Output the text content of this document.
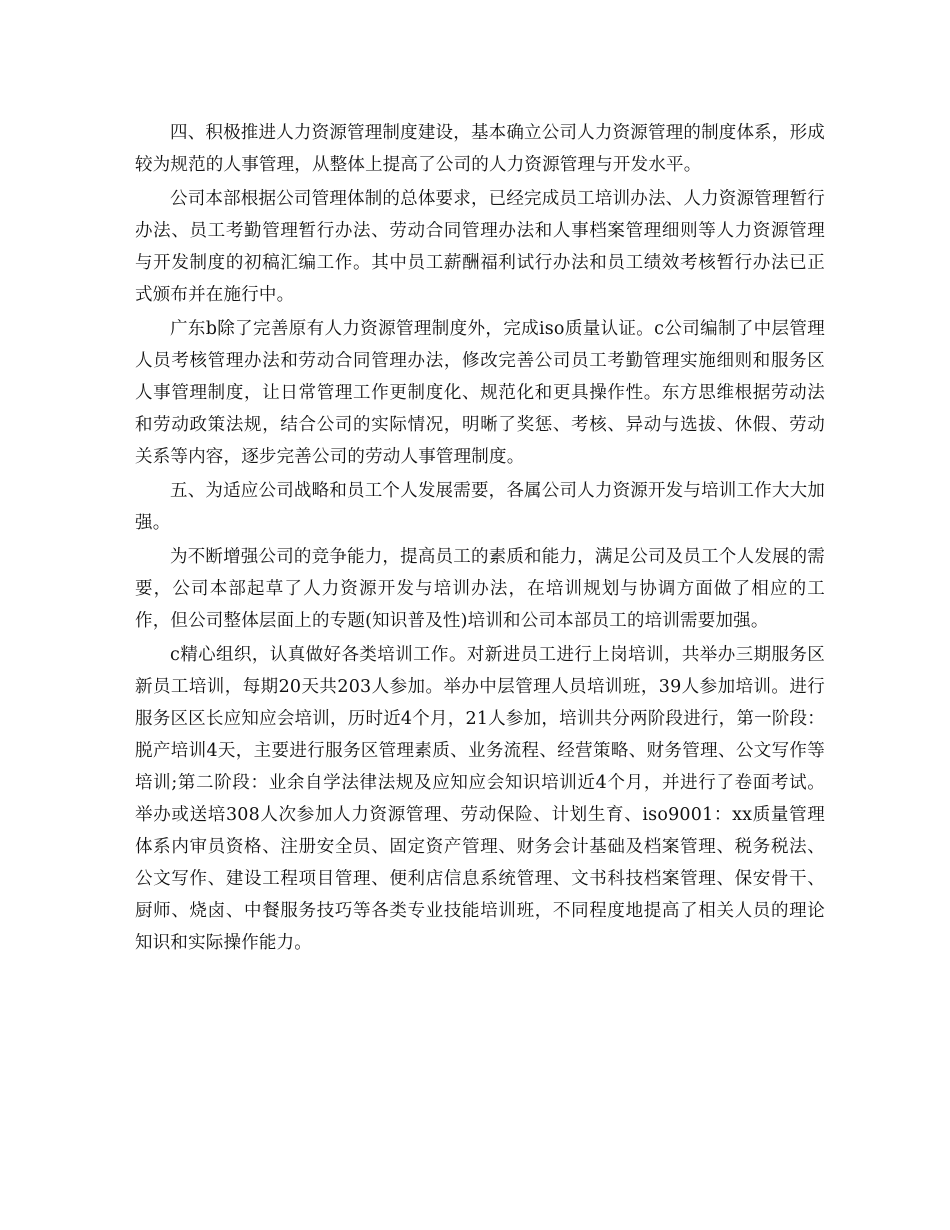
四、积极推进人力资源管理制度建设，基本确立公司人力资源管理的制度体系，形成较为规范的人事管理，从整体上提高了公司的人力资源管理与开发水平。

公司本部根据公司管理体制的总体要求，已经完成员工培训办法、人力资源管理暂行办法、员工考勤管理暂行办法、劳动合同管理办法和人事档案管理细则等人力资源管理与开发制度的初稿汇编工作。其中员工薪酬福利试行办法和员工绩效考核暂行办法已正式颁布并在施行中。

广东b除了完善原有人力资源管理制度外，完成iso质量认证。c公司编制了中层管理人员考核管理办法和劳动合同管理办法，修改完善公司员工考勤管理实施细则和服务区人事管理制度，让日常管理工作更制度化、规范化和更具操作性。东方思维根据劳动法和劳动政策法规，结合公司的实际情况，明晰了奖惩、考核、异动与选拔、休假、劳动关系等内容，逐步完善公司的劳动人事管理制度。

五、为适应公司战略和员工个人发展需要，各属公司人力资源开发与培训工作大大加强。

为不断增强公司的竞争能力，提高员工的素质和能力，满足公司及员工个人发展的需要，公司本部起草了人力资源开发与培训办法，在培训规划与协调方面做了相应的工作，但公司整体层面上的专题(知识普及性)培训和公司本部员工的培训需要加强。

c精心组织，认真做好各类培训工作。对新进员工进行上岗培训，共举办三期服务区新员工培训，每期20天共203人参加。举办中层管理人员培训班，39人参加培训。进行服务区区长应知应会培训，历时近4个月，21人参加，培训共分两阶段进行，第一阶段：脱产培训4天，主要进行服务区管理素质、业务流程、经营策略、财务管理、公文写作等培训;第二阶段：业余自学法律法规及应知应会知识培训近4个月，并进行了卷面考试。举办或送培308人次参加人力资源管理、劳动保险、计划生育、iso9001：xx质量管理体系内审员资格、注册安全员、固定资产管理、财务会计基础及档案管理、税务税法、公文写作、建设工程项目管理、便利店信息系统管理、文书科技档案管理、保安骨干、厨师、烧卤、中餐服务技巧等各类专业技能培训班，不同程度地提高了相关人员的理论知识和实际操作能力。
